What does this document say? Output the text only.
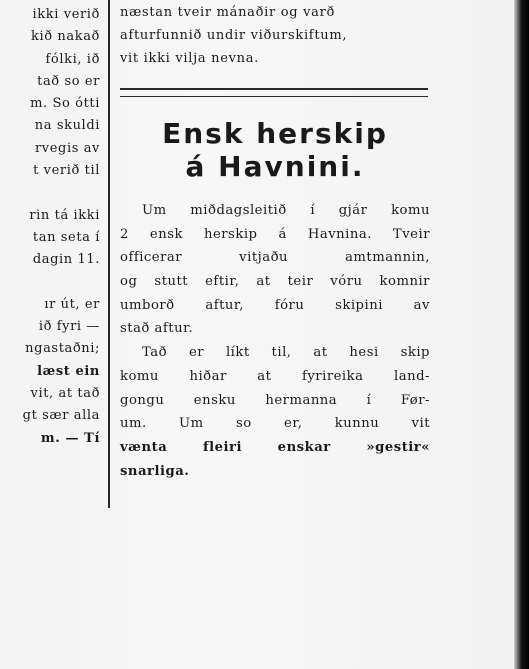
ikki verið
kið nakað
fólki, ið
tað so er
m. So ótti
na skuldi
rvegis av
t verið til
rin tá ikki
tan seta í
dagin 11.
ır út, er
ið fyri —
ngastaðni;
læst ein
vit, at tað
gt sær alla
m. — Tí
næstan tveir mánaðir og varð
afturfunnið undir viðurskiftum,
vit ikki vilja nevna.
Ensk herskip
á Havnini.
Um miðdagsleitið í gjár komu
2 ensk herskip á Havnina. Tveir
officerar vitjaðu amtmannin,
og stutt eftir, at teir vóru komnir
umborð aftur, fóru skipini av
stað aftur.
Tað er líkt til, at hesi skip
komu hiðar at fyrireika land-
gongu ensku hermanna í Før-
um. Um so er, kunnu vit
vænta fleiri enskar »gestir«
snarliga.
